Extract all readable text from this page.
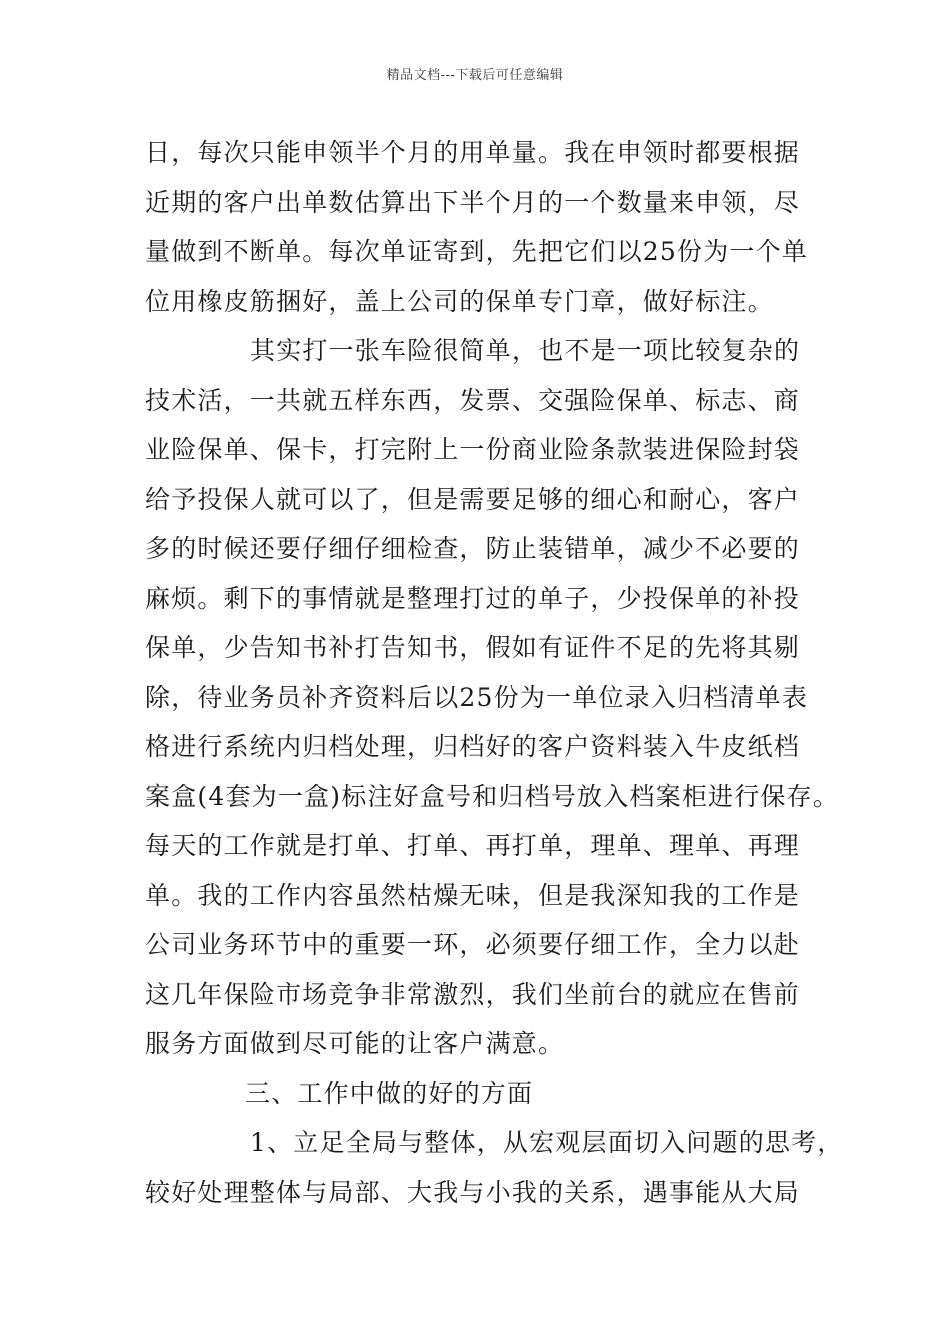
精品文档---下载后可任意编辑
日，每次只能申领半个月的用单量。我在申领时都要根据
近期的客户出单数估算出下半个月的一个数量来申领，尽
量做到不断单。每次单证寄到，先把它们以25份为一个单
位用橡皮筋捆好，盖上公司的保单专门章，做好标注。
其实打一张车险很简单，也不是一项比较复杂的
技术活，一共就五样东西，发票、交强险保单、标志、商
业险保单、保卡，打完附上一份商业险条款装进保险封袋
给予投保人就可以了，但是需要足够的细心和耐心，客户
多的时候还要仔细仔细检查，防止装错单，减少不必要的
麻烦。剩下的事情就是整理打过的单子，少投保单的补投
保单，少告知书补打告知书，假如有证件不足的先将其剔
除，待业务员补齐资料后以25份为一单位录入归档清单表
格进行系统内归档处理，归档好的客户资料装入牛皮纸档
案盒(4套为一盒)标注好盒号和归档号放入档案柜进行保存。
每天的工作就是打单、打单、再打单，理单、理单、再理
单。我的工作内容虽然枯燥无味，但是我深知我的工作是
公司业务环节中的重要一环，必须要仔细工作，全力以赴
这几年保险市场竞争非常激烈，我们坐前台的就应在售前
服务方面做到尽可能的让客户满意。
三、工作中做的好的方面
1、立足全局与整体，从宏观层面切入问题的思考，
较好处理整体与局部、大我与小我的关系，遇事能从大局
